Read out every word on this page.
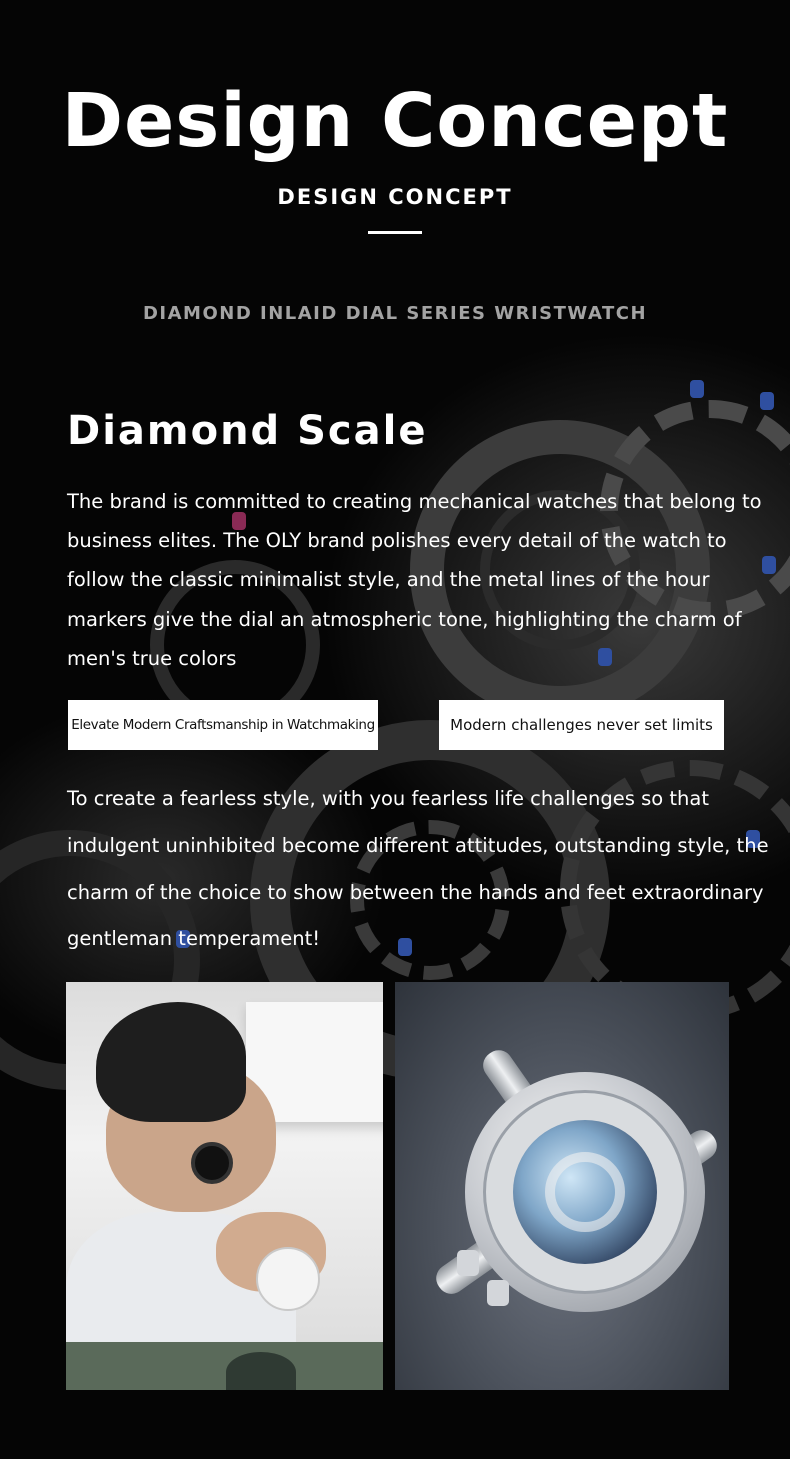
Design Concept
DESIGN CONCEPT
DIAMOND INLAID DIAL SERIES WRISTWATCH
Diamond Scale

The brand is committed to creating mechanical watches that belong to business elites. The OLY brand polishes every detail of the watch to follow the classic minimalist style, and the metal lines of the hour markers give the dial an atmospheric tone, highlighting the charm of men's true colors

Elevate Modern Craftsmanship in Watchmaking	Modern challenges never set limits

To create a fearless style, with you fearless life challenges so that indulgent uninhibited become different attitudes, outstanding style, the charm of the choice to show between the hands and feet extraordinary gentleman temperament!
